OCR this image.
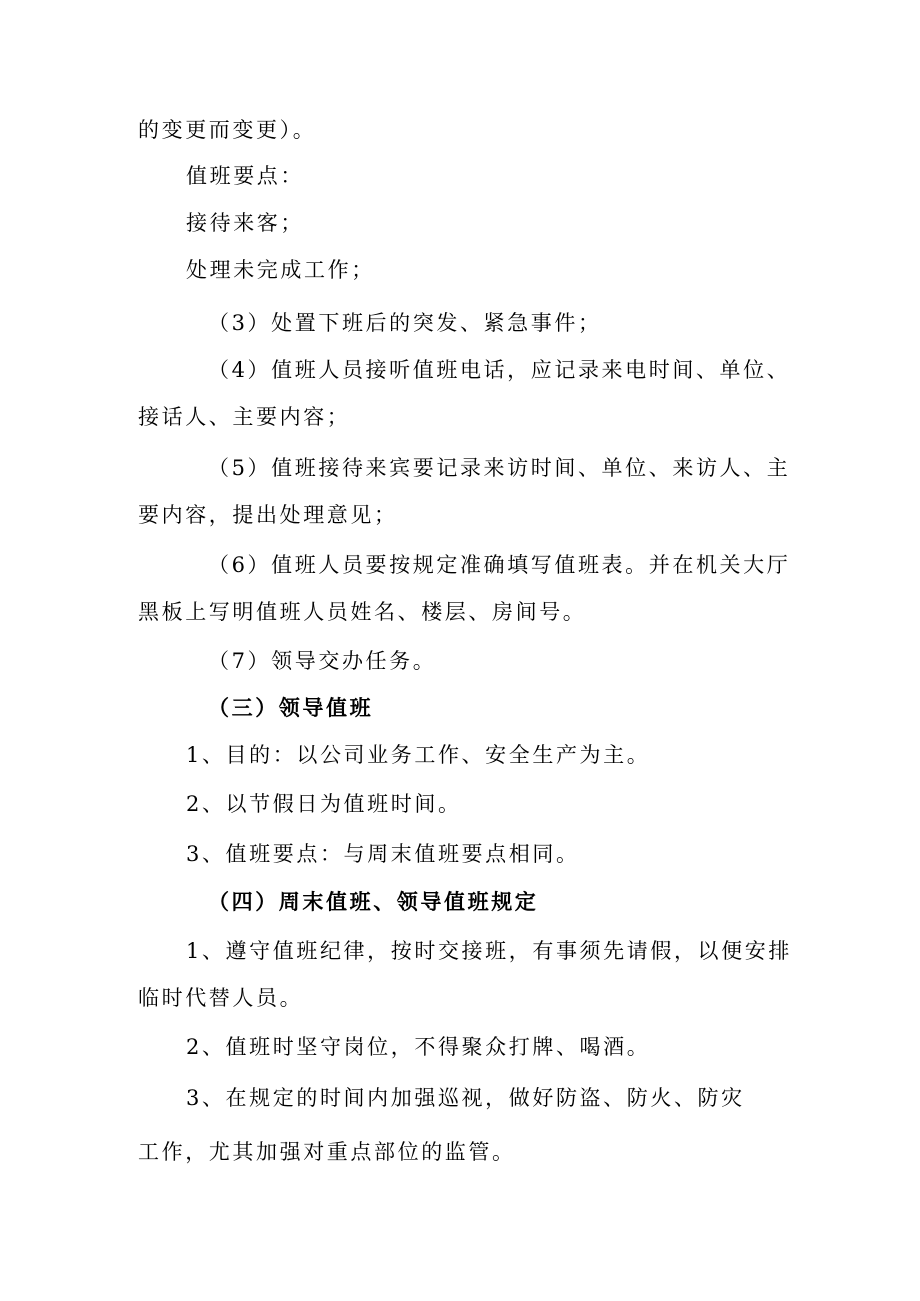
的变更而变更）。
值班要点：
接待来客；
处理未完成工作；
（3）处置下班后的突发、紧急事件；
（4）值班人员接听值班电话，应记录来电时间、单位、
接话人、主要内容；
（5）值班接待来宾要记录来访时间、单位、来访人、主
要内容，提出处理意见；
（6）值班人员要按规定准确填写值班表。并在机关大厅
黑板上写明值班人员姓名、楼层、房间号。
（7）领导交办任务。
（三）领导值班
1、目的：以公司业务工作、安全生产为主。
2、以节假日为值班时间。
3、值班要点：与周末值班要点相同。
（四）周末值班、领导值班规定
1、遵守值班纪律，按时交接班，有事须先请假，以便安排
临时代替人员。
2、值班时坚守岗位，不得聚众打牌、喝酒。
3、在规定的时间内加强巡视，做好防盗、防火、防灾
工作，尤其加强对重点部位的监管。
